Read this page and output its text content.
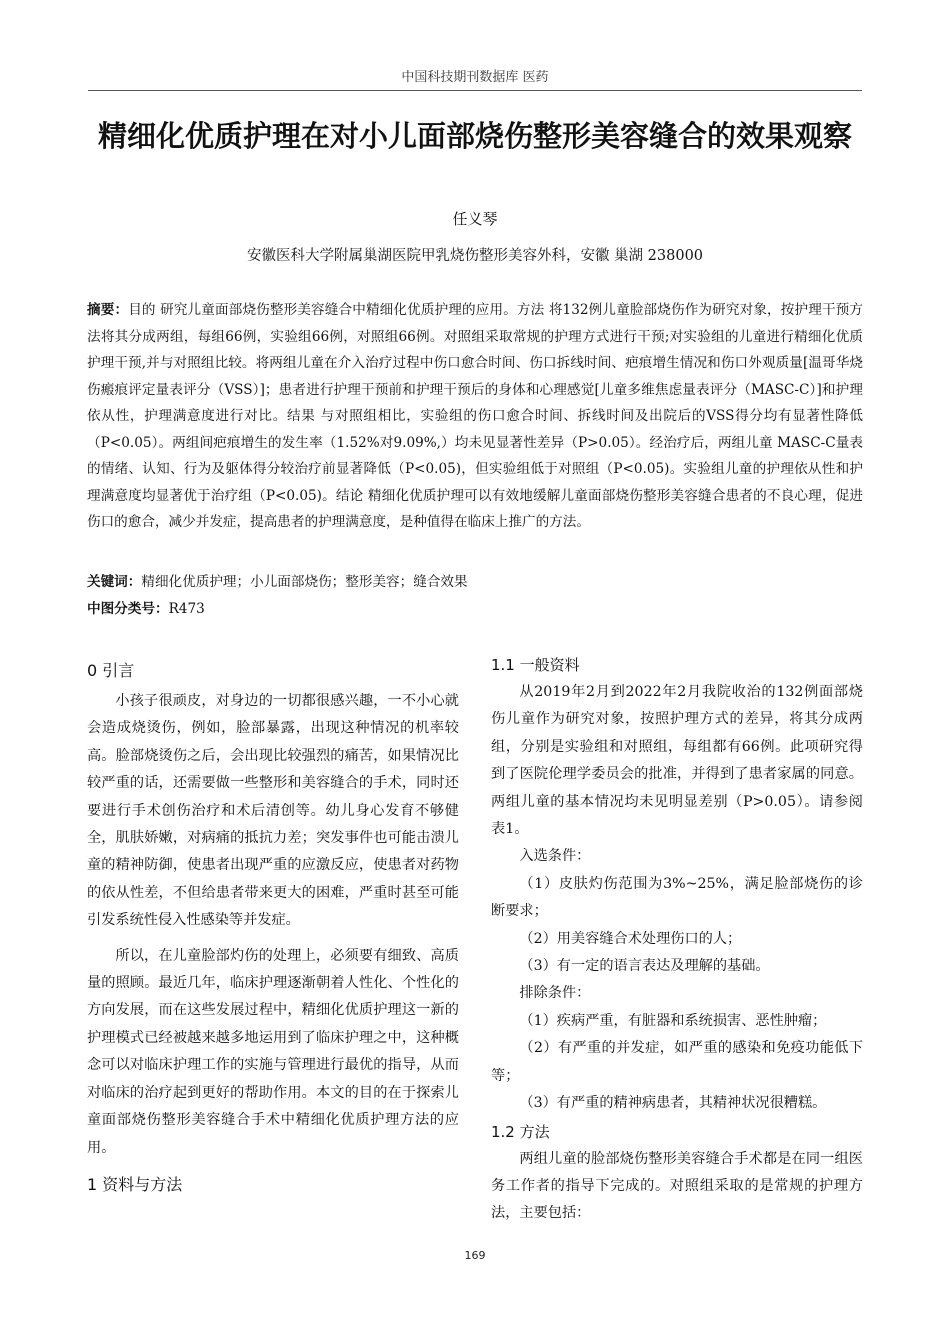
中国科技期刊数据库 医药
精细化优质护理在对小儿面部烧伤整形美容缝合的效果观察
任义琴
安徽医科大学附属巢湖医院甲乳烧伤整形美容外科，安徽 巢湖 238000
摘要：目的 研究儿童面部烧伤整形美容缝合中精细化优质护理的应用。方法 将132例儿童脸部烧伤作为研究对象，按护理干预方法将其分成两组，每组66例，实验组66例，对照组66例。对照组采取常规的护理方式进行干预;对实验组的儿童进行精细化优质护理干预,并与对照组比较。将两组儿童在介入治疗过程中伤口愈合时间、伤口拆线时间、疤痕增生情况和伤口外观质量[温哥华烧伤瘢痕评定量表评分（VSS）]；患者进行护理干预前和护理干预后的身体和心理感觉[儿童多维焦虑量表评分（MASC-C）]和护理依从性，护理满意度进行对比。结果 与对照组相比，实验组的伤口愈合时间、拆线时间及出院后的VSS得分均有显著性降低（P<0.05）。两组间疤痕增生的发生率（1.52%对9.09%,）均未见显著性差异（P>0.05）。经治疗后，两组儿童 MASC-C量表的情绪、认知、行为及躯体得分较治疗前显著降低（P<0.05)，但实验组低于对照组（P<0.05)。实验组儿童的护理依从性和护理满意度均显著优于治疗组（P<0.05)。结论 精细化优质护理可以有效地缓解儿童面部烧伤整形美容缝合患者的不良心理，促进伤口的愈合，减少并发症，提高患者的护理满意度，是种值得在临床上推广的方法。
关键词：精细化优质护理；小儿面部烧伤；整形美容；缝合效果
中图分类号：R473
0 引言

小孩子很顽皮，对身边的一切都很感兴趣，一不小心就会造成烧烫伤，例如，脸部暴露，出现这种情况的机率较高。脸部烧烫伤之后，会出现比较强烈的痛苦，如果情况比较严重的话，还需要做一些整形和美容缝合的手术，同时还要进行手术创伤治疗和术后清创等。幼儿身心发育不够健全，肌肤娇嫩，对病痛的抵抗力差；突发事件也可能击溃儿童的精神防御，使患者出现严重的应激反应，使患者对药物的依从性差，不但给患者带来更大的困难，严重时甚至可能引发系统性侵入性感染等并发症。

所以，在儿童脸部灼伤的处理上，必须要有细致、高质量的照顾。最近几年，临床护理逐渐朝着人性化、个性化的方向发展，而在这些发展过程中，精细化优质护理这一新的护理模式已经被越来越多地运用到了临床护理之中，这种概念可以对临床护理工作的实施与管理进行最优的指导，从而对临床的治疗起到更好的帮助作用。本文的目的在于探索儿童面部烧伤整形美容缝合手术中精细化优质护理方法的应用。

1 资料与方法
1.1 一般资料

从2019年2月到2022年2月我院收治的132例面部烧伤儿童作为研究对象，按照护理方式的差异，将其分成两组，分别是实验组和对照组，每组都有66例。此项研究得到了医院伦理学委员会的批准，并得到了患者家属的同意。两组儿童的基本情况均未见明显差别（P>0.05）。请参阅表1。

入选条件：

（1）皮肤灼伤范围为3%~25%，满足脸部烧伤的诊断要求；

（2）用美容缝合术处理伤口的人；

（3）有一定的语言表达及理解的基础。

排除条件：

（1）疾病严重，有脏器和系统损害、恶性肿瘤；

（2）有严重的并发症，如严重的感染和免疫功能低下等；

（3）有严重的精神病患者，其精神状况很糟糕。

1.2 方法

两组儿童的脸部烧伤整形美容缝合手术都是在同一组医务工作者的指导下完成的。对照组采取的是常规的护理方法，主要包括：

169
